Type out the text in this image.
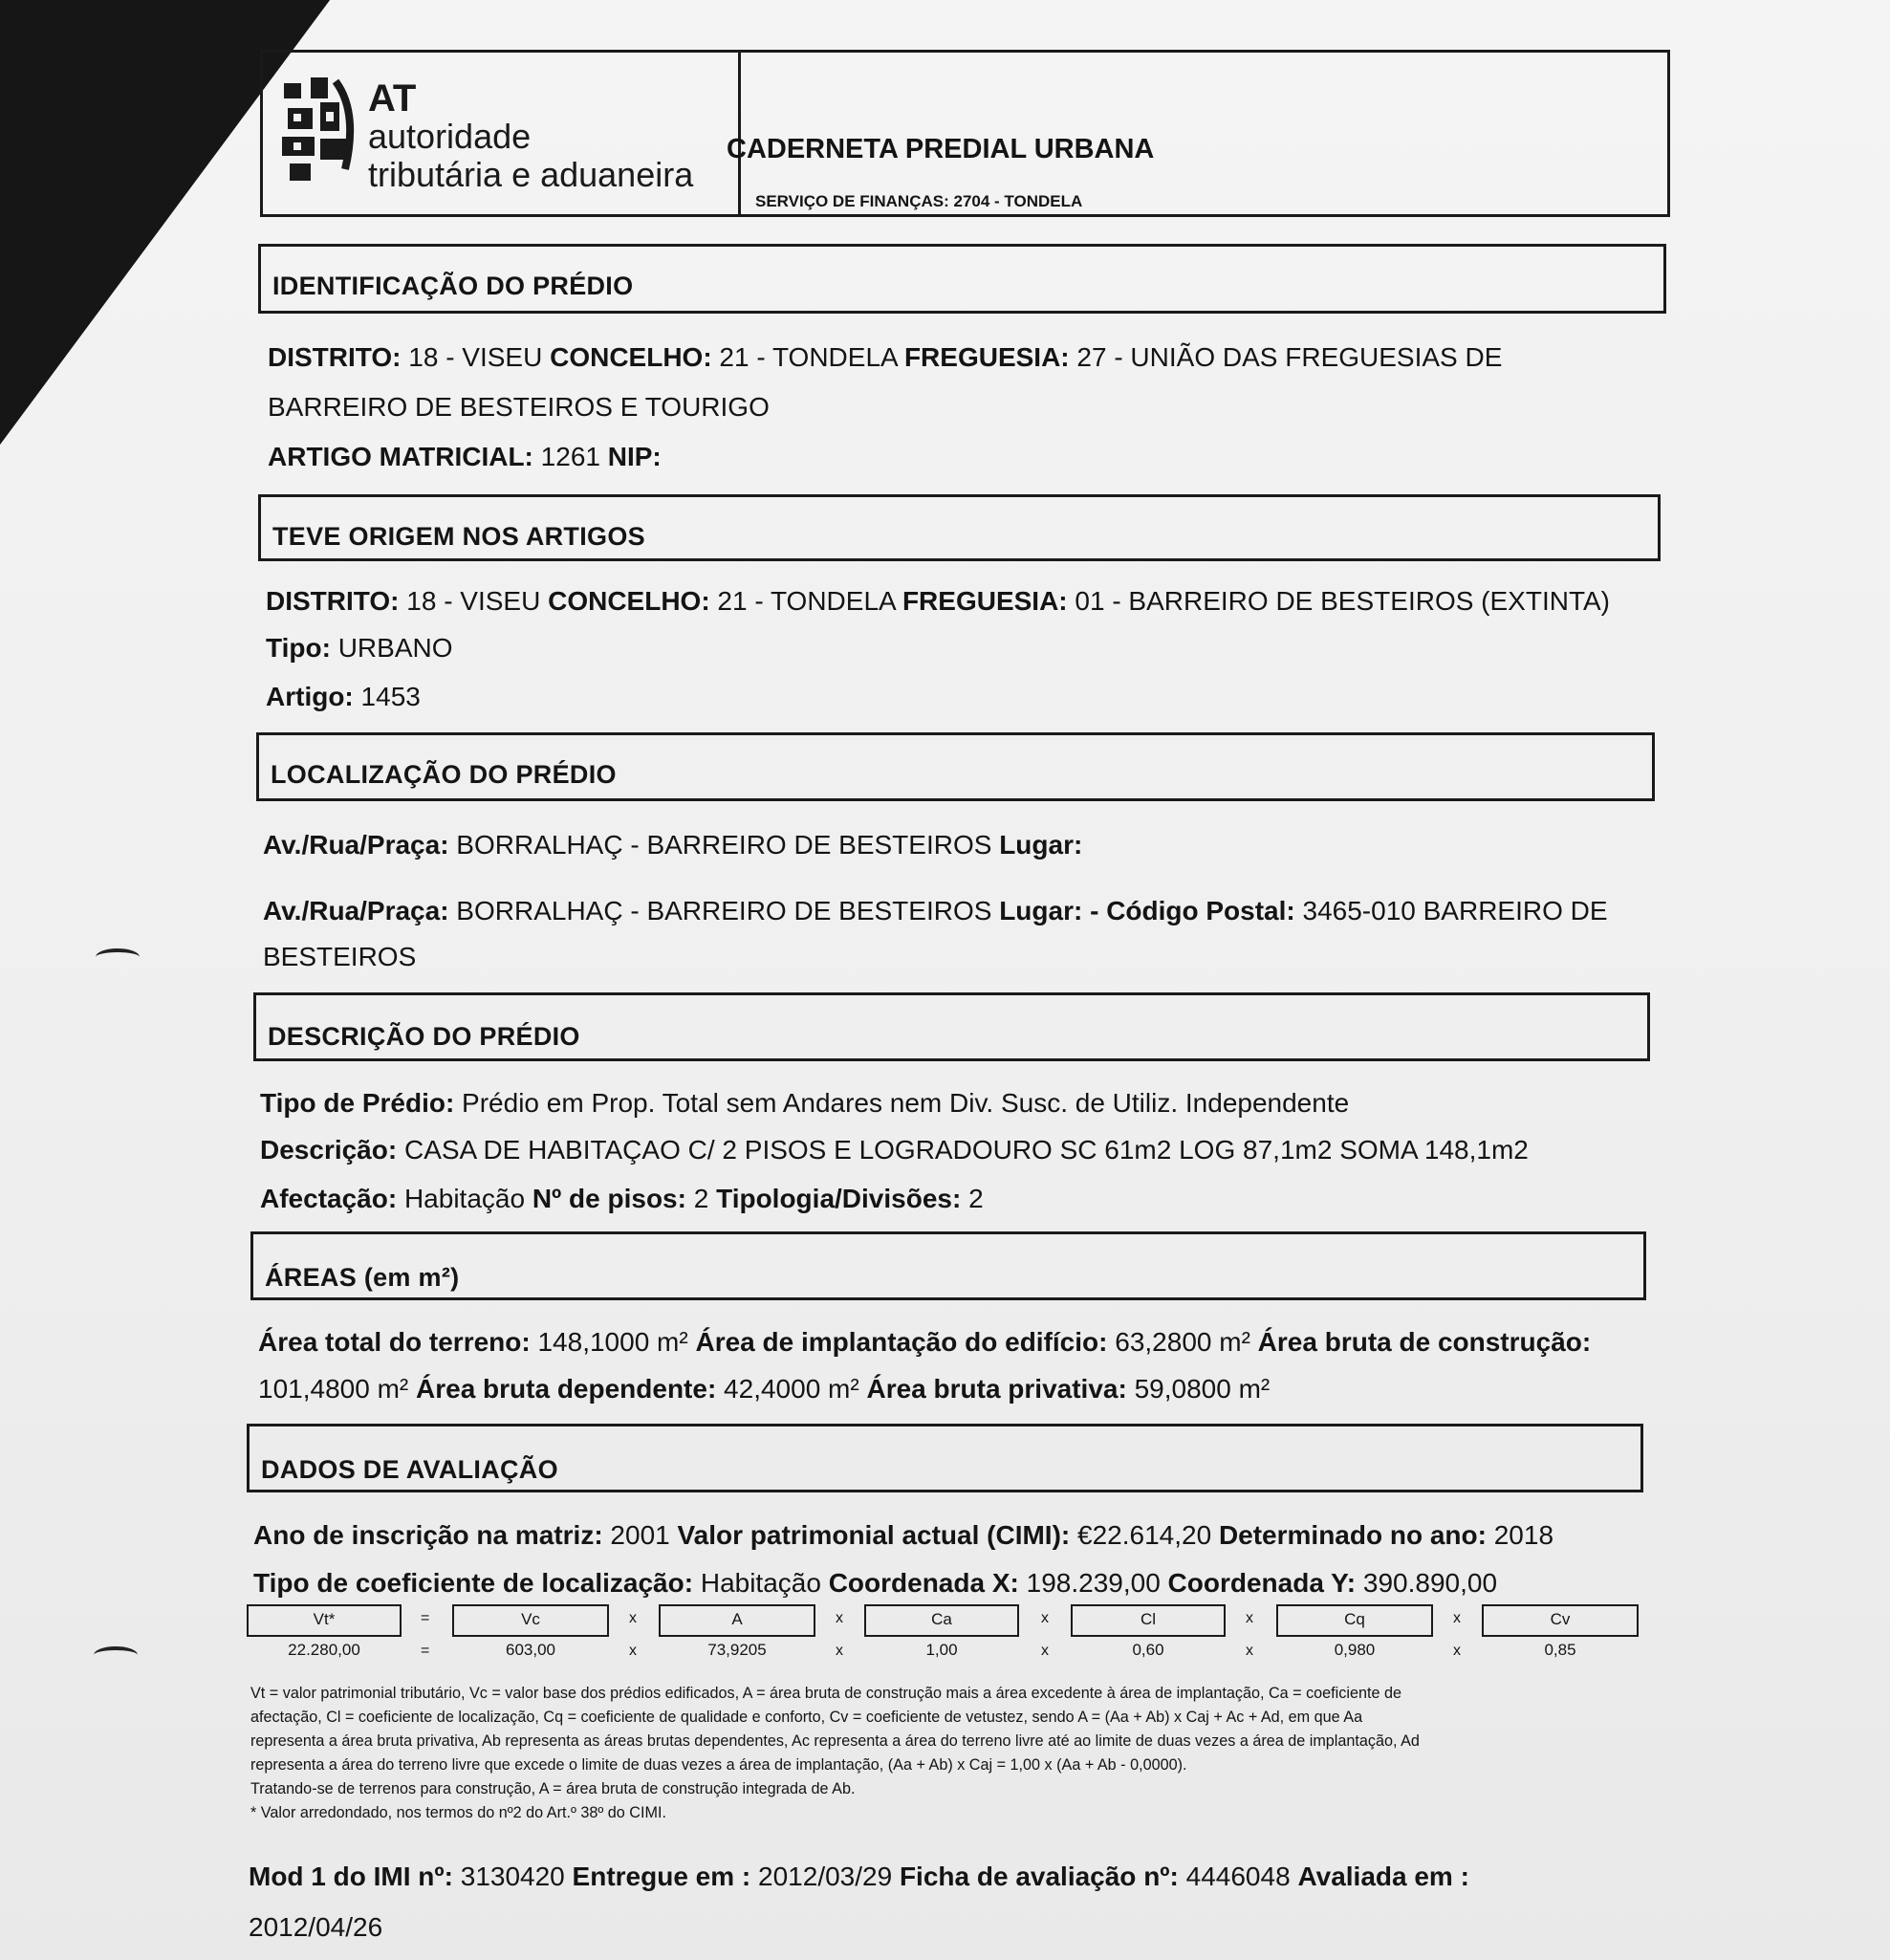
AT
autoridade
tributária e aduaneira
CADERNETA PREDIAL URBANA
SERVIÇO DE FINANÇAS: 2704 - TONDELA
IDENTIFICAÇÃO DO PRÉDIO
DISTRITO: 18 - VISEU CONCELHO: 21 - TONDELA FREGUESIA: 27 - UNIÃO DAS FREGUESIAS DE
BARREIRO DE BESTEIROS E TOURIGO
ARTIGO MATRICIAL: 1261 NIP:
TEVE ORIGEM NOS ARTIGOS
DISTRITO: 18 - VISEU CONCELHO: 21 - TONDELA FREGUESIA: 01 - BARREIRO DE BESTEIROS (EXTINTA)
Tipo: URBANO
Artigo: 1453
LOCALIZAÇÃO DO PRÉDIO
Av./Rua/Praça: BORRALHAÇ - BARREIRO DE BESTEIROS Lugar:
Av./Rua/Praça: BORRALHAÇ - BARREIRO DE BESTEIROS Lugar: - Código Postal: 3465-010 BARREIRO DE
BESTEIROS
DESCRIÇÃO DO PRÉDIO
Tipo de Prédio: Prédio em Prop. Total sem Andares nem Div. Susc. de Utiliz. Independente
Descrição: CASA DE HABITAÇAO C/ 2 PISOS E LOGRADOURO SC 61m2 LOG 87,1m2 SOMA 148,1m2
Afectação: Habitação Nº de pisos: 2 Tipologia/Divisões: 2
ÁREAS (em m²)
Área total do terreno: 148,1000 m² Área de implantação do edifício: 63,2800 m² Área bruta de construção:
101,4800 m² Área bruta dependente: 42,4000 m² Área bruta privativa: 59,0800 m²
DADOS DE AVALIAÇÃO
Ano de inscrição na matriz: 2001 Valor patrimonial actual (CIMI): €22.614,20 Determinado no ano: 2018
Tipo de coeficiente de localização: Habitação Coordenada X: 198.239,00 Coordenada Y: 390.890,00
Vt*	Vc	A	Ca	Cl	Cq	Cv
=	x	x	x	x	x
22.280,00	603,00	73,9205	1,00	0,60	0,980	0,85
=	x	x	x	x	x
Vt = valor patrimonial tributário, Vc = valor base dos prédios edificados, A = área bruta de construção mais a área excedente à área de implantação, Ca = coeficiente de
afectação, Cl = coeficiente de localização, Cq = coeficiente de qualidade e conforto, Cv = coeficiente de vetustez, sendo A = (Aa + Ab) x Caj + Ac + Ad, em que Aa
representa a área bruta privativa, Ab representa as áreas brutas dependentes, Ac representa a área do terreno livre até ao limite de duas vezes a área de implantação, Ad
representa a área do terreno livre que excede o limite de duas vezes a área de implantação, (Aa + Ab) x Caj = 1,00 x (Aa + Ab - 0,0000).
Tratando-se de terrenos para construção, A = área bruta de construção integrada de Ab.
* Valor arredondado, nos termos do nº2 do Art.º 38º do CIMI.
Mod 1 do IMI nº: 3130420 Entregue em : 2012/03/29 Ficha de avaliação nº: 4446048 Avaliada em :
2012/04/26
